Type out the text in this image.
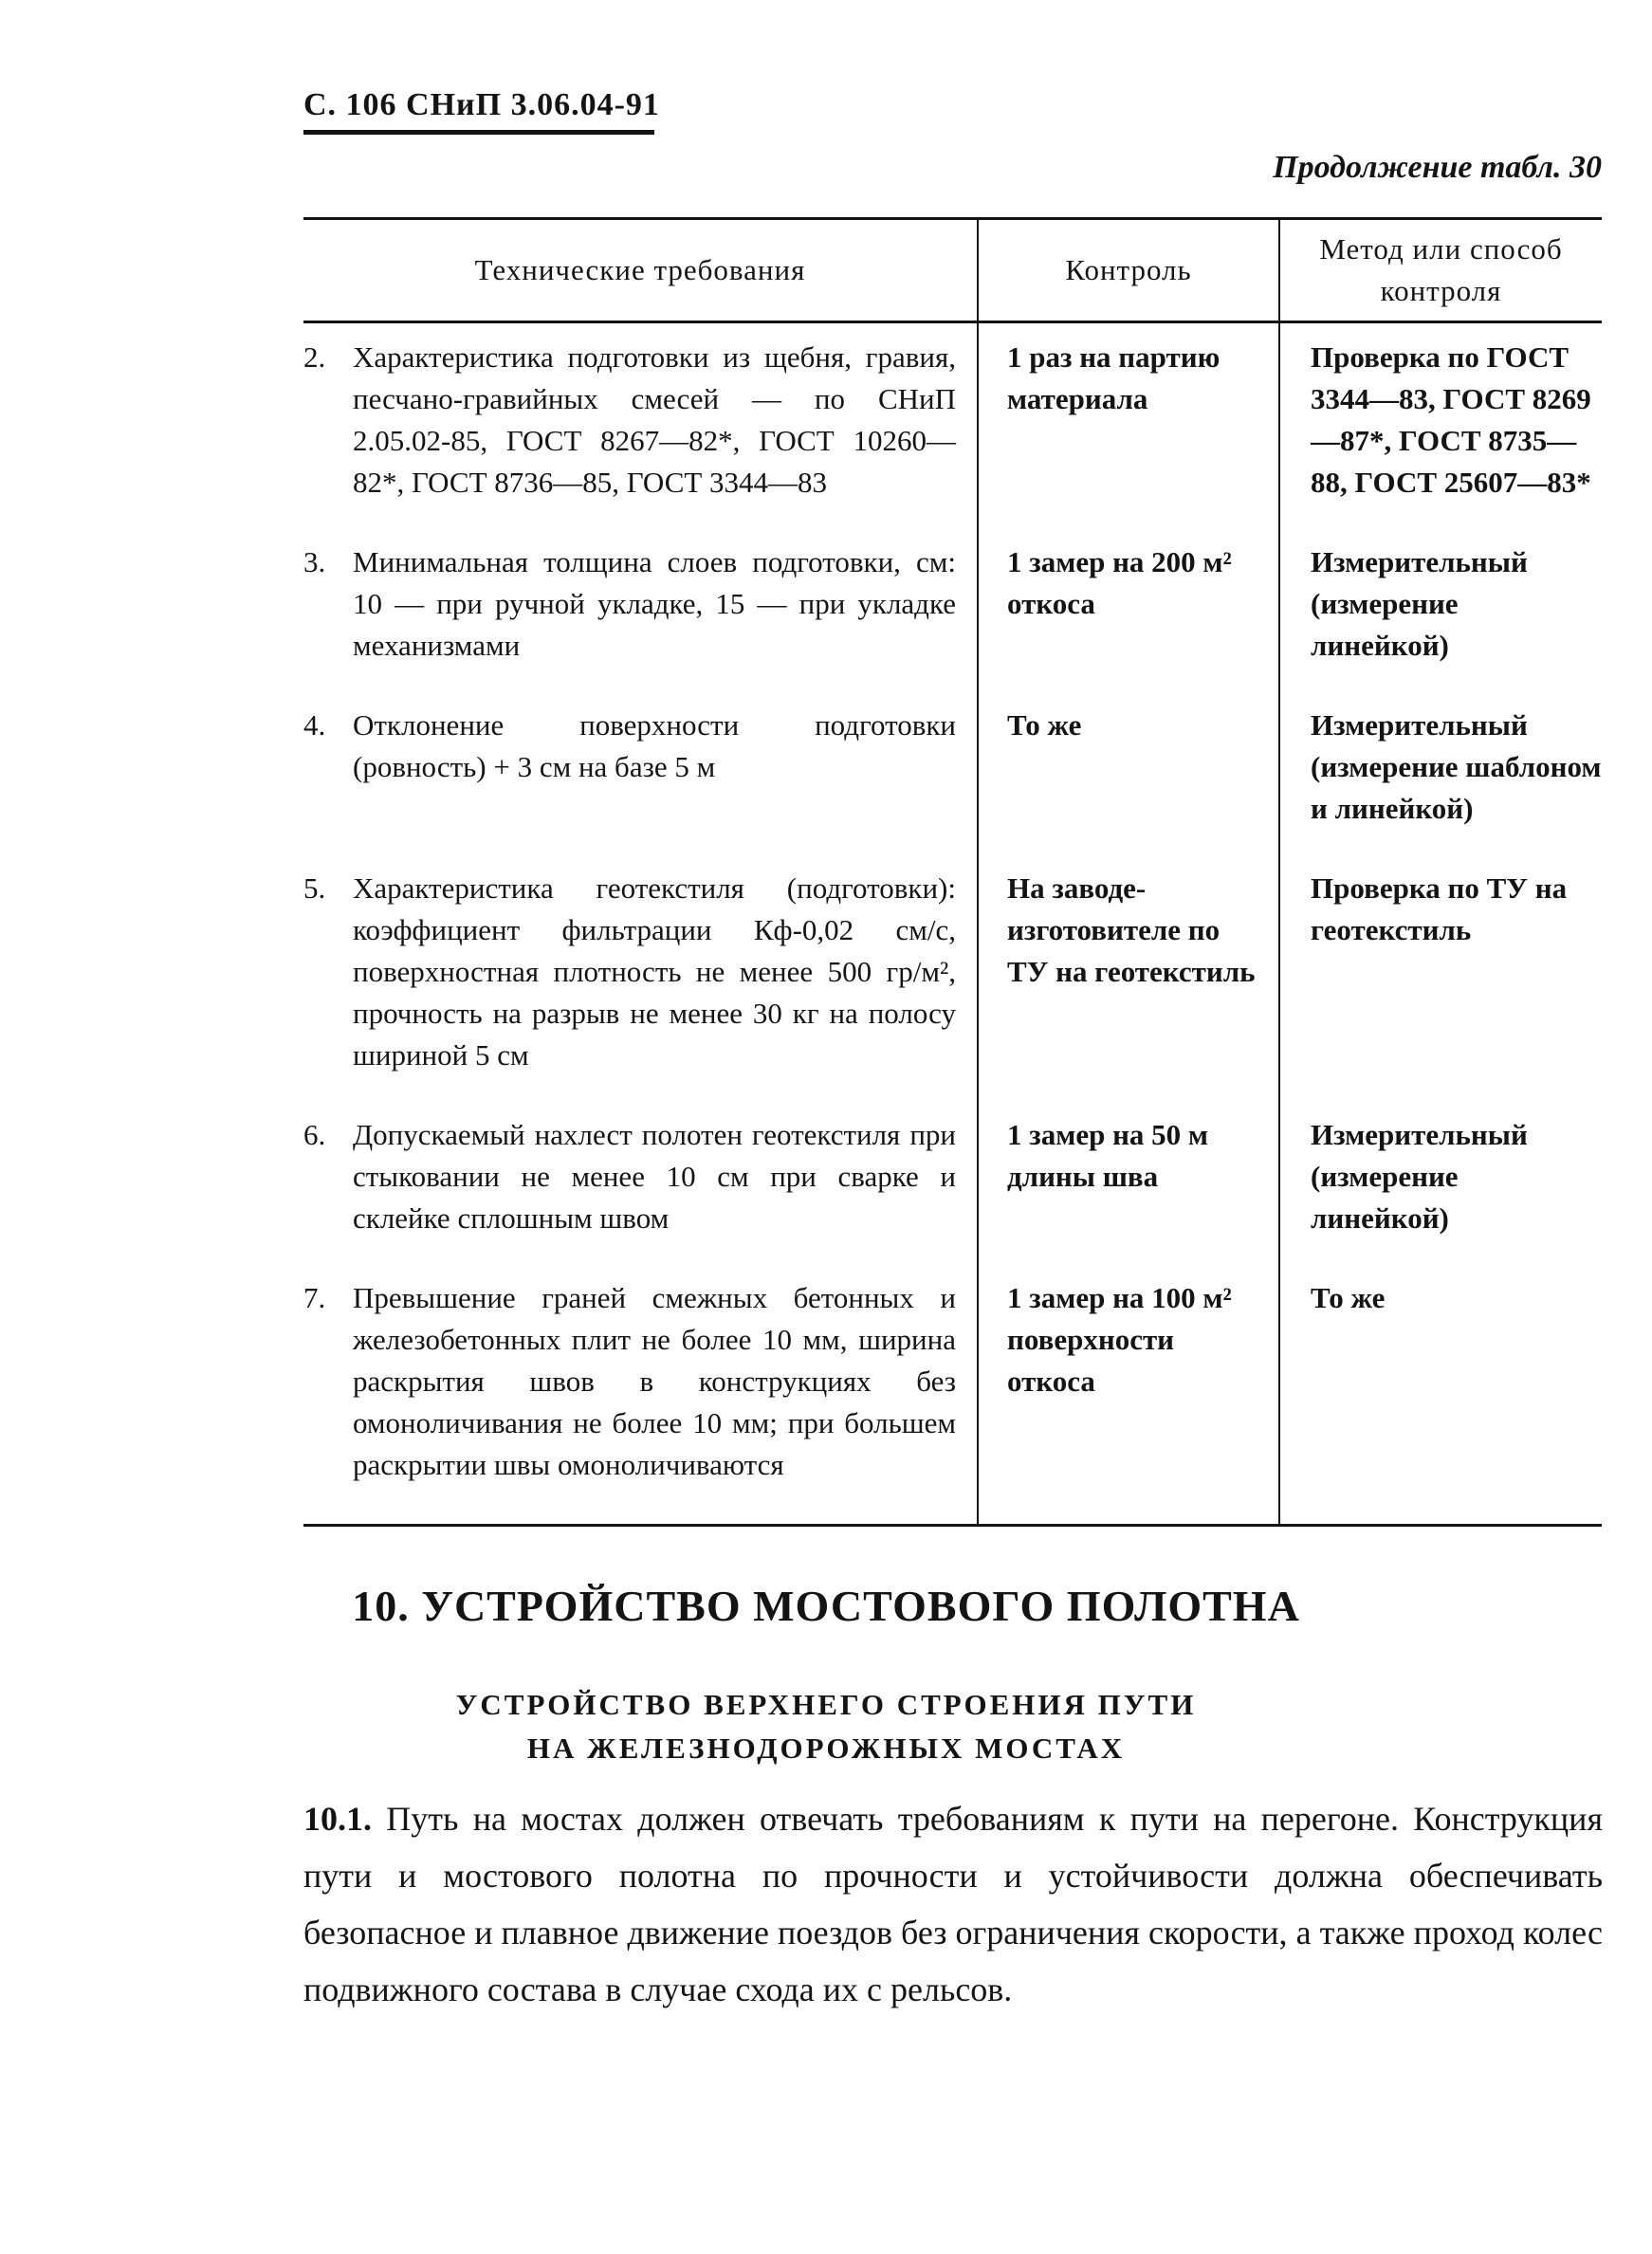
С. 106 СНиП 3.06.04-91
Продолжение табл. 30
Технические требования	Контроль	Метод или способ контроля

2. Характеристика подготовки из щебня, гравия, песчано-гравийных смесей — по СНиП 2.05.02-85, ГОСТ 8267—82*, ГОСТ 10260—82*, ГОСТ 8736—85, ГОСТ 3344—83	1 раз на партию материала	Проверка по ГОСТ 3344—83, ГОСТ 8269—87*, ГОСТ 8735—88, ГОСТ 25607—83*

3. Минимальная толщина слоев подготовки, см: 10 — при ручной укладке, 15 — при укладке механизмами	1 замер на 200 м² откоса	Измерительный (измерение линейкой)

4. Отклонение поверхности подготовки (ровность) + 3 см на базе 5 м	То же	Измерительный (измерение шаблоном и линейкой)

5. Характеристика геотекстиля (подготовки): коэффициент фильтрации Кф-0,02 см/с, поверхностная плотность не менее 500 гр/м², прочность на разрыв не менее 30 кг на полосу шириной 5 см	На заводе-изготовителе по ТУ на геотекстиль	Проверка по ТУ на геотекстиль

6. Допускаемый нахлест полотен геотекстиля при стыковании не менее 10 см при сварке и склейке сплошным швом	1 замер на 50 м длины шва	Измерительный (измерение линейкой)

7. Превышение граней смежных бетонных и железобетонных плит не более 10 мм, ширина раскрытия швов в конструкциях без омоноличивания не более 10 мм; при большем раскрытии швы омоноличиваются	1 замер на 100 м² поверхности откоса	То же
10. УСТРОЙСТВО МОСТОВОГО ПОЛОТНА
УСТРОЙСТВО ВЕРХНЕГО СТРОЕНИЯ ПУТИ
НА ЖЕЛЕЗНОДОРОЖНЫХ МОСТАХ
10.1. Путь на мостах должен отвечать требованиям к пути на перегоне. Конструкция пути и мостового полотна по прочности и устойчивости должна обеспечивать безопасное и плавное движение поездов без ограничения скорости, а также проход колес подвижного состава в случае схода их с рельсов.
